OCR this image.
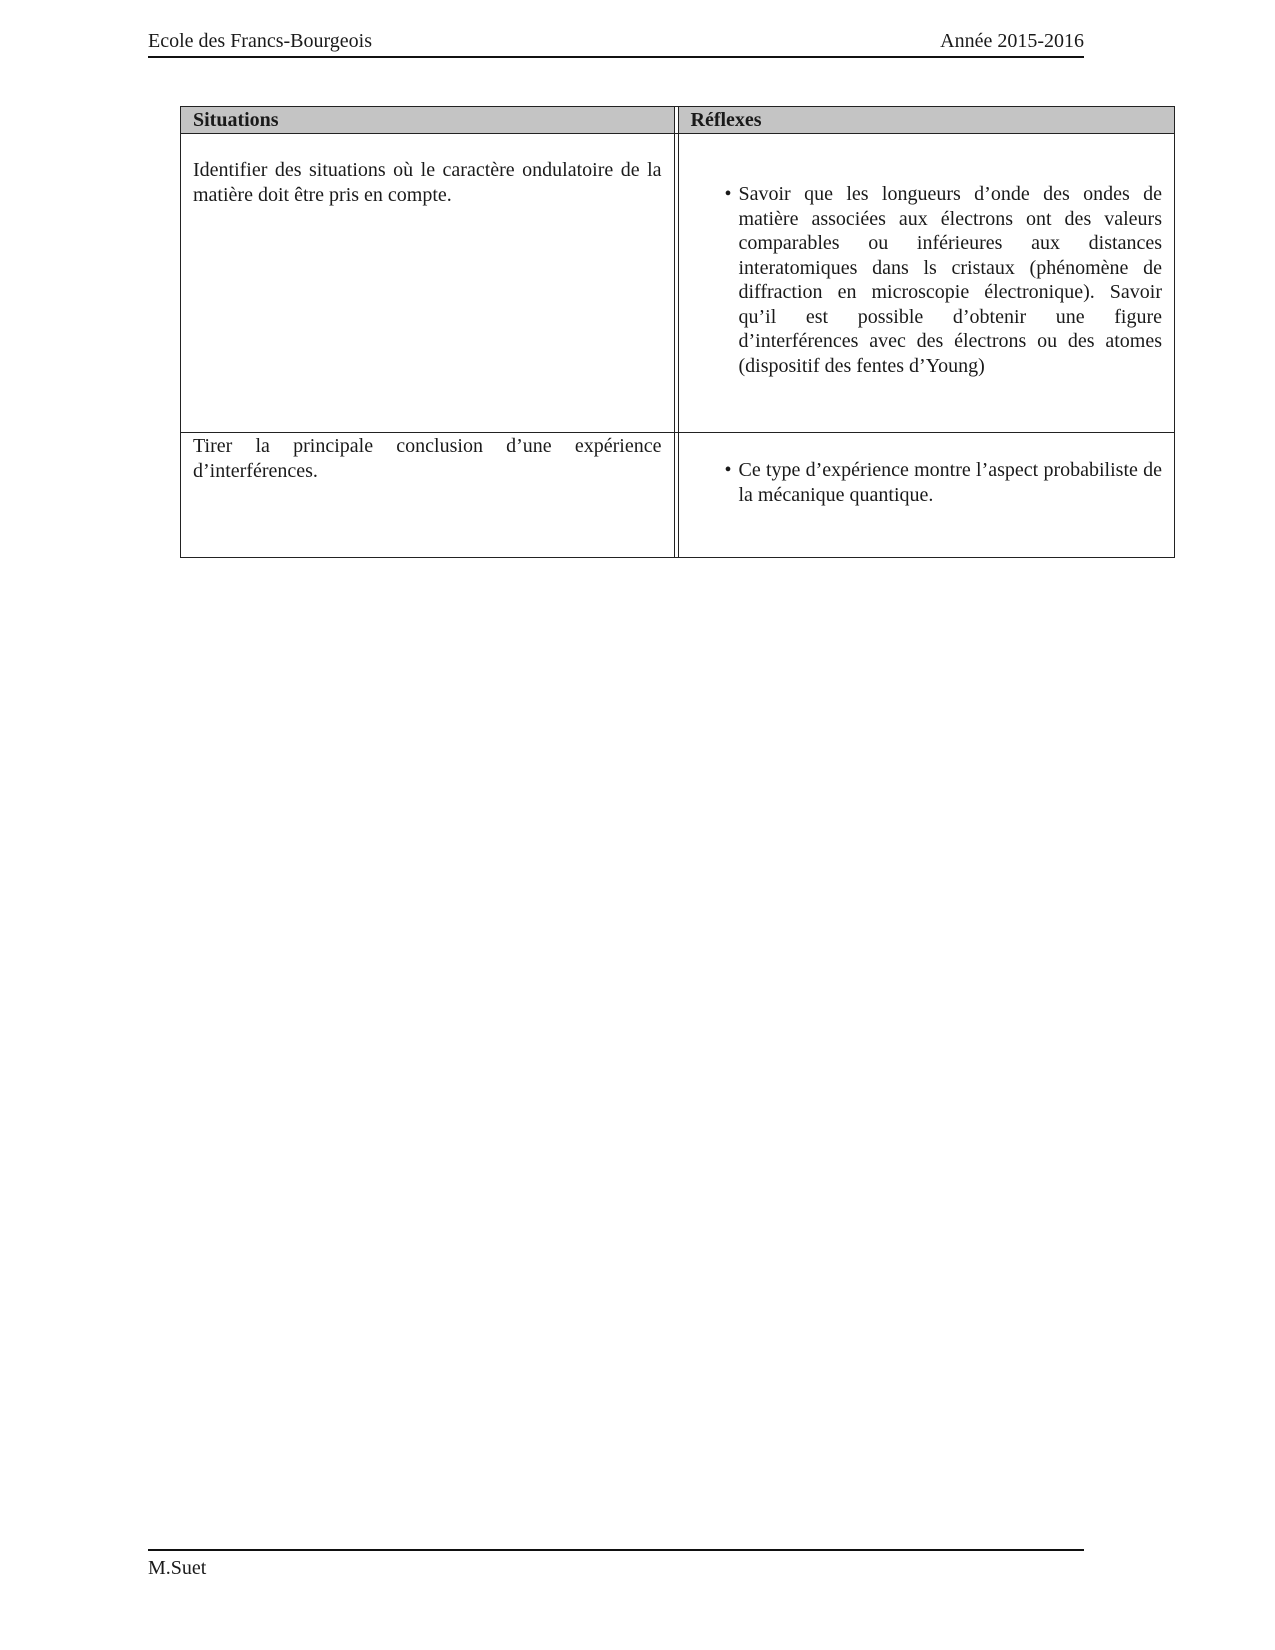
Ecole des Francs-Bourgeois	Année 2015-2016
Situations	Réflexes
Identifier des situations où le caractère ondulatoire de la matière doit être pris en compte.	• Savoir que les longueurs d’onde des ondes de matière associées aux électrons ont des valeurs comparables ou inférieures aux distances interatomiques dans ls cristaux (phénomène de diffraction en microscopie électronique). Savoir qu’il est possible d’obtenir une figure d’interférences avec des électrons ou des atomes (dispositif des fentes d’Young)
Tirer la principale conclusion d’une expérience d’interférences.	• Ce type d’expérience montre l’aspect probabiliste de la mécanique quantique.
M.Suet
